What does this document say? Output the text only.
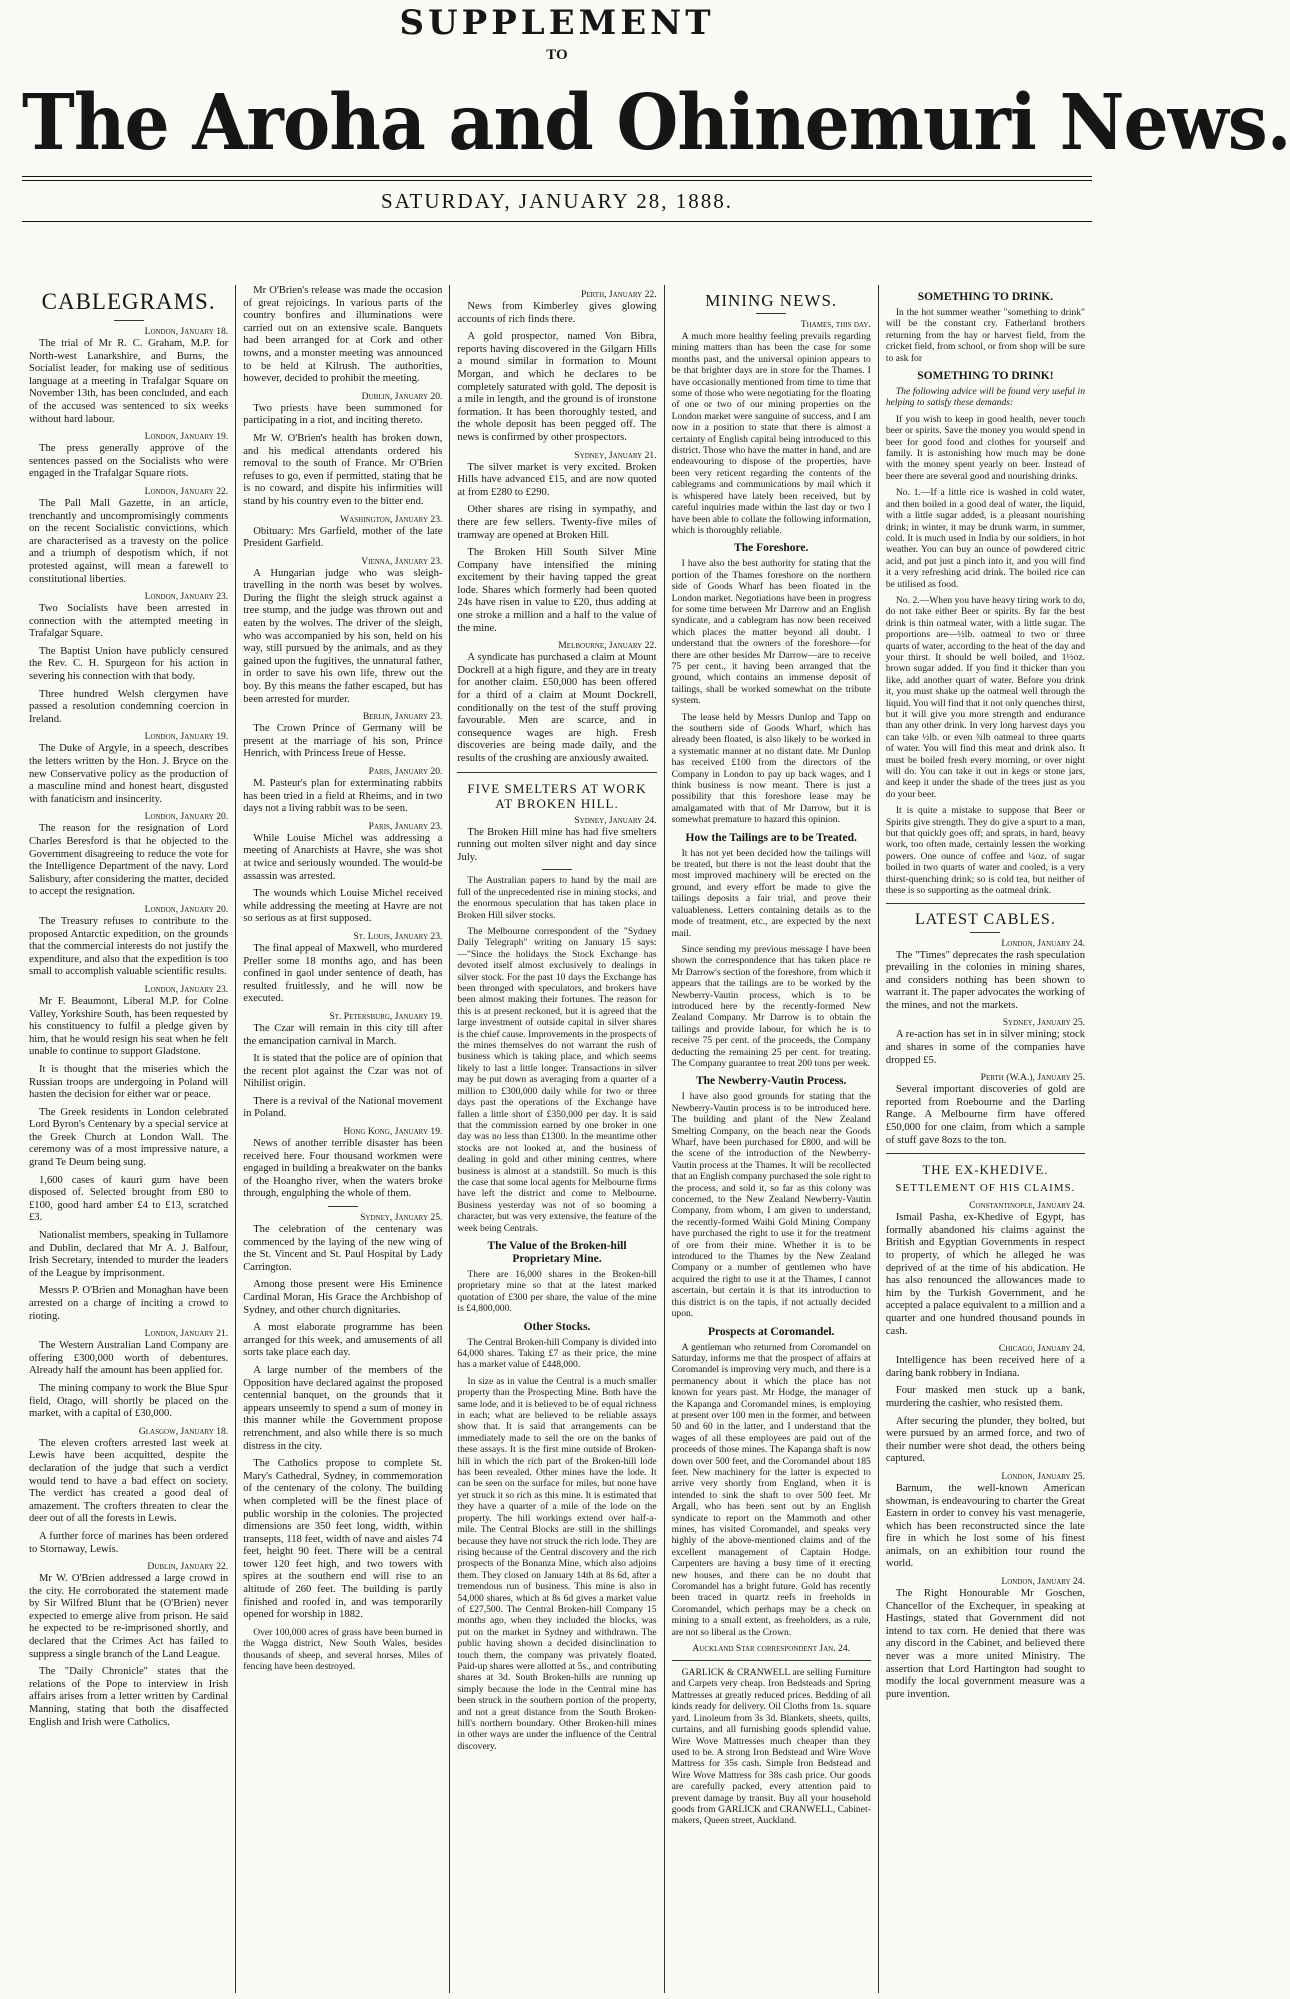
SUPPLEMENT
TO
The Aroha and Ohinemuri News.
SATURDAY, JANUARY 28, 1888.
CABLEGRAMS.
London, January 18.

The trial of Mr R. C. Graham, M.P. for North-west Lanarkshire, and Burns, the Socialist leader, for making use of seditious language at a meeting in Trafalgar Square on November 13th, has been concluded, and each of the accused was sentenced to six weeks without hard labour.

London, January 19.

The press generally approve of the sentences passed on the Socialists who were engaged in the Trafalgar Square riots.

London, January 22.

The Pall Mall Gazette, in an article, trenchantly and uncompromisingly comments on the recent Socialistic convictions, which are characterised as a travesty on the police and a triumph of despotism which, if not protested against, will mean a farewell to constitutional liberties.

London, January 23.

Two Socialists have been arrested in connection with the attempted meeting in Trafalgar Square.

The Baptist Union have publicly censured the Rev. C. H. Spurgeon for his action in severing his connection with that body.

Three hundred Welsh clergymen have passed a resolution condemning coercion in Ireland.

London, January 19.

The Duke of Argyle, in a speech, describes the letters written by the Hon. J. Bryce on the new Conservative policy as the production of a masculine mind and honest heart, disgusted with fanaticism and insincerity.

London, January 20.

The reason for the resignation of Lord Charles Beresford is that he objected to the Government disagreeing to reduce the vote for the Intelligence Department of the navy. Lord Salisbury, after considering the matter, decided to accept the resignation.

London, January 20.

The Treasury refuses to contribute to the proposed Antarctic expedition, on the grounds that the commercial interests do not justify the expenditure, and also that the expedition is too small to accomplish valuable scientific results.

London, January 23.

Mr F. Beaumont, Liberal M.P. for Colne Valley, Yorkshire South, has been requested by his constituency to fulfil a pledge given by him, that he would resign his seat when he felt unable to continue to support Gladstone.

It is thought that the miseries which the Russian troops are undergoing in Poland will hasten the decision for either war or peace.

The Greek residents in London celebrated Lord Byron's Centenary by a special service at the Greek Church at London Wall. The ceremony was of a most impressive nature, a grand Te Deum being sung.

1,600 cases of kauri gum have been disposed of. Selected brought from £80 to £100, good hard amber £4 to £13, scratched £3.

Nationalist members, speaking in Tullamore and Dublin, declared that Mr A. J. Balfour, Irish Secretary, intended to murder the leaders of the League by imprisonment.

Messrs P. O'Brien and Monaghan have been arrested on a charge of inciting a crowd to rioting.

London, January 21.

The Western Australian Land Company are offering £300,000 worth of debentures. Already half the amount has been applied for.

The mining company to work the Blue Spur field, Otago, will shortly be placed on the market, with a capital of £30,000.

Glasgow, January 18.

The eleven crofters arrested last week at Lewis have been acquitted, despite the declaration of the judge that such a verdict would tend to have a bad effect on society. The verdict has created a good deal of amazement. The crofters threaten to clear the deer out of all the forests in Lewis.

A further force of marines has been ordered to Stornaway, Lewis.

Dublin, January 22.

Mr W. O'Brien addressed a large crowd in the city. He corroborated the statement made by Sir Wilfred Blunt that he (O'Brien) never expected to emerge alive from prison. He said he expected to be re-imprisoned shortly, and declared that the Crimes Act has failed to suppress a single branch of the Land League.

The "Daily Chronicle" states that the relations of the Pope to interview in Irish affairs arises from a letter written by Cardinal Manning, stating that both the disaffected English and Irish were Catholics.

Mr O'Brien's release was made the occasion of great rejoicings. In various parts of the country bonfires and illuminations were carried out on an extensive scale. Banquets had been arranged for at Cork and other towns, and a monster meeting was announced to be held at Kilrush. The authorities, however, decided to prohibit the meeting.

Dublin, January 20.

Two priests have been summoned for participating in a riot, and inciting thereto.

Mr W. O'Brien's health has broken down, and his medical attendants ordered his removal to the south of France. Mr O'Brien refuses to go, even if permitted, stating that he is no coward, and dispite his infirmities will stand by his country even to the bitter end.

Washington, January 23.

Obituary: Mrs Garfield, mother of the late President Garfield.

Vienna, January 23.

A Hungarian judge who was sleigh-travelling in the north was beset by wolves. During the flight the sleigh struck against a tree stump, and the judge was thrown out and eaten by the wolves. The driver of the sleigh, who was accompanied by his son, held on his way, still pursued by the animals, and as they gained upon the fugitives, the unnatural father, in order to save his own life, threw out the boy. By this means the father escaped, but has been arrested for murder.

Berlin, January 23.

The Crown Prince of Germany will be present at the marriage of his son, Prince Henrich, with Princess Ireue of Hesse.

Paris, January 20.

M. Pasteur's plan for exterminating rabbits has been tried in a field at Rheims, and in two days not a living rabbit was to be seen.

Paris, January 23.

While Louise Michel was addressing a meeting of Anarchists at Havre, she was shot at twice and seriously wounded. The would-be assassin was arrested.

The wounds which Louise Michel received while addressing the meeting at Havre are not so serious as at first supposed.

St. Louis, January 23.

The final appeal of Maxwell, who murdered Preller some 18 months ago, and has been confined in gaol under sentence of death, has resulted fruitlessly, and he will now be executed.

St. Petersburg, January 19.

The Czar will remain in this city till after the emancipation carnival in March.

It is stated that the police are of opinion that the recent plot against the Czar was not of Nihilist origin.

There is a revival of the National movement in Poland.

Hong Kong, January 19.

News of another terrible disaster has been received here. Four thousand workmen were engaged in building a breakwater on the banks of the Hoangho river, when the waters broke through, engulphing the whole of them.

Sydney, January 25.

The celebration of the centenary was commenced by the laying of the new wing of the St. Vincent and St. Paul Hospital by Lady Carrington.

Among those present were His Eminence Cardinal Moran, His Grace the Archbishop of Sydney, and other church dignitaries.

A most elaborate programme has been arranged for this week, and amusements of all sorts take place each day.

A large number of the members of the Opposition have declared against the proposed centennial banquet, on the grounds that it appears unseemly to spend a sum of money in this manner while the Government propose retrenchment, and also while there is so much distress in the city.

The Catholics propose to complete St. Mary's Cathedral, Sydney, in commemoration of the centenary of the colony. The building when completed will be the finest place of public worship in the colonies. The projected dimensions are 350 feet long, width, within transepts, 118 feet, width of nave and aisles 74 feet, height 90 feet. There will be a central tower 120 feet high, and two towers with spires at the southern end will rise to an altitude of 260 feet. The building is partly finished and roofed in, and was temporarily opened for worship in 1882.

Over 100,000 acres of grass have been burned in the Wagga district, New South Wales, besides thousands of sheep, and several horses. Miles of fencing have been destroyed.

Perth, January 22.

News from Kimberley gives glowing accounts of rich finds there.

A gold prospector, named Von Bibra, reports having discovered in the Gilgarn Hills a mound similar in formation to Mount Morgan, and which he declares to be completely saturated with gold. The deposit is a mile in length, and the ground is of ironstone formation. It has been thoroughly tested, and the whole deposit has been pegged off. The news is confirmed by other prospectors.

Sydney, January 21.

The silver market is very excited. Broken Hills have advanced £15, and are now quoted at from £280 to £290.

Other shares are rising in sympathy, and there are few sellers. Twenty-five miles of tramway are opened at Broken Hill.

The Broken Hill South Silver Mine Company have intensified the mining excitement by their having tapped the great lode. Shares which formerly had been quoted 24s have risen in value to £20, thus adding at one stroke a million and a half to the value of the mine.

Melbourne, January 22.

A syndicate has purchased a claim at Mount Dockrell at a high figure, and they are in treaty for another claim. £50,000 has been offered for a third of a claim at Mount Dockrell, conditionally on the test of the stuff proving favourable. Men are scarce, and in consequence wages are high. Fresh discoveries are being made daily, and the results of the crushing are anxiously awaited.

FIVE SMELTERS AT WORK AT BROKEN HILL.
Sydney, January 24.

The Broken Hill mine has had five smelters running out molten silver night and day since July.

The Australian papers to hand by the mail are full of the unprecedented rise in mining stocks, and the enormous speculation that has taken place in Broken Hill silver stocks.

The Melbourne correspondent of the "Sydney Daily Telegraph" writing on January 15 says:—"Since the holidays the Stock Exchange has devoted itself almost exclusively to dealings in silver stock. For the past 10 days the Exchange has been thronged with speculators, and brokers have been almost making their fortunes. The reason for this is at present reckoned, but it is agreed that the large investment of outside capital in silver shares is the chief cause. Improvements in the prospects of the mines themselves do not warrant the rush of business which is taking place, and which seems likely to last a little longer. Transactions in silver may be put down as averaging from a quarter of a million to £300,000 daily while for two or three days past the operations of the Exchange have fallen a little short of £350,000 per day. It is said that the commission earned by one broker in one day was no less than £1300. In the meantime other stocks are not looked at, and the business of dealing in gold and other mining centres, where business is almost at a standstill. So much is this the case that some local agents for Melbourne firms have left the district and come to Melbourne. Business yesterday was not of so booming a character, but was very extensive, the feature of the week being Centrals.

The Value of the Broken-hill Proprietary Mine.

There are 16,000 shares in the Broken-hill proprietary mine so that at the latest marked quotation of £300 per share, the value of the mine is £4,800,000.

Other Stocks.

The Central Broken-hill Company is divided into 64,000 shares. Taking £7 as their price, the mine has a market value of £448,000.

In size as in value the Central is a much smaller property than the Prospecting Mine. Both have the same lode, and it is believed to be of equal richness in each; what are believed to be reliable assays show that. It is said that arrangements can be immediately made to sell the ore on the banks of these assays. It is the first mine outside of Broken-hill in which the rich part of the Broken-hill lode has been revealed. Other mines have the lode. It can be seen on the surface for miles, but none have yet struck it so rich as this mine. It is estimated that they have a quarter of a mile of the lode on the property. The hill workings extend over half-a-mile. The Central Blocks are still in the shillings because they have not struck the rich lode. They are rising because of the Central discovery and the rich prospects of the Bonanza Mine, which also adjoins them. They closed on January 14th at 8s 6d, after a tremendous run of business. This mine is also in 54,000 shares, which at 8s 6d gives a market value of £27,500. The Central Broken-hill Company 15 months ago, when they included the blocks, was put on the market in Sydney and withdrawn. The public having shown a decided disinclination to touch them, the company was privately floated. Paid-up shares were allotted at 5s., and contributing shares at 3d. South Broken-hills are running up simply because the lode in the Central mine has been struck in the southern portion of the property, and not a great distance from the South Broken-hill's northern boundary. Other Broken-hill mines in other ways are under the influence of the Central discovery.

MINING NEWS.
Thames, this day.

A much more healthy feeling prevails regarding mining matters than has been the case for some months past, and the universal opinion appears to be that brighter days are in store for the Thames. I have occasionally mentioned from time to time that some of those who were negotiating for the floating of one or two of our mining properties on the London market were sanguine of success, and I am now in a position to state that there is almost a certainty of English capital being introduced to this district. Those who have the matter in hand, and are endeavouring to dispose of the properties, have been very reticent regarding the contents of the cablegrams and communications by mail which it is whispered have lately been received, but by careful inquiries made within the last day or two I have been able to collate the following information, which is thoroughly reliable.

The Foreshore.

I have also the best authority for stating that the portion of the Thames foreshore on the northern side of Goods Wharf has been floated in the London market. Negotiations have been in progress for some time between Mr Darrow and an English syndicate, and a cablegram has now been received which places the matter beyond all doubt. I understand that the owners of the foreshore—for there are other besides Mr Darrow—are to receive 75 per cent., it having been arranged that the ground, which contains an immense deposit of tailings, shall be worked somewhat on the tribute system.

The lease held by Messrs Dunlop and Tapp on the southern side of Goods Wharf, which has already been floated, is also likely to be worked in a systematic manner at no distant date. Mr Dunlop has received £100 from the directors of the Company in London to pay up back wages, and I think business is now meant. There is just a possibility that this foreshore lease may be amalgamated with that of Mr Darrow, but it is somewhat premature to hazard this opinion.

How the Tailings are to be Treated.

It has not yet been decided how the tailings will be treated, but there is not the least doubt that the most improved machinery will be erected on the ground, and every effort be made to give the tailings deposits a fair trial, and prove their valuableness. Letters containing details as to the mode of treatment, etc., are expected by the next mail.

Since sending my previous message I have been shown the correspondence that has taken place re Mr Darrow's section of the foreshore, from which it appears that the tailings are to be worked by the Newberry-Vautin process, which is to be introduced here by the recently-formed New Zealand Company. Mr Darrow is to obtain the tailings and provide labour, for which he is to receive 75 per cent. of the proceeds, the Company deducting the remaining 25 per cent. for treating. The Company guarantee to treat 200 tons per week.

The Newberry-Vautin Process.

I have also good grounds for stating that the Newberry-Vautin process is to be introduced here. The building and plant of the New Zealand Smelting Company, on the beach near the Goods Wharf, have been purchased for £800, and will be the scene of the introduction of the Newberry-Vautin process at the Thames. It will be recollected that an English company purchased the sole right to the process, and sold it, so far as this colony was concerned, to the New Zealand Newberry-Vautin Company, from whom, I am given to understand, the recently-formed Waihi Gold Mining Company have purchased the right to use it for the treatment of ore from their mine. Whether it is to be introduced to the Thames by the New Zealand Company or a number of gentlemen who have acquired the right to use it at the Thames, I cannot ascertain, but certain it is that its introduction to this district is on the tapis, if not actually decided upon.

Prospects at Coromandel.

A gentleman who returned from Coromandel on Saturday, informs me that the prospect of affairs at Coromandel is improving very much, and there is a permanency about it which the place has not known for years past. Mr Hodge, the manager of the Kapanga and Coromandel mines, is employing at present over 100 men in the former, and between 50 and 60 in the latter, and I understand that the wages of all these employees are paid out of the proceeds of those mines. The Kapanga shaft is now down over 500 feet, and the Coromandel about 185 feet. New machinery for the latter is expected to arrive very shortly from England, when it is intended to sink the shaft to over 500 feet. Mr Argall, who has been sent out by an English syndicate to report on the Mammoth and other mines, has visited Coromandel, and speaks very highly of the above-mentioned claims and of the excellent management of Captain Hodge. Carpenters are having a busy time of it erecting new houses, and there can be no doubt that Coromandel has a bright future. Gold has recently been traced in quartz reefs in freeholds in Coromandel, which perhaps may be a check on mining to a small extent, as freeholders, as a rule, are not so liberal as the Crown.

Auckland Star correspondent Jan. 24.

GARLICK & CRANWELL are selling Furniture and Carpets very cheap. Iron Bedsteads and Spring Mattresses at greatly reduced prices. Bedding of all kinds ready for delivery. Oil Cloths from 1s. square yard. Linoleum from 3s 3d. Blankets, sheets, quilts, curtains, and all furnishing goods splendid value. Wire Wove Mattresses much cheaper than they used to be. A strong Iron Bedstead and Wire Wove Mattress for 35s cash. Simple Iron Bedstead and Wire Wove Mattress for 38s cash price. Our goods are carefully packed, every attention paid to prevent damage by transit. Buy all your household goods from GARLICK and CRANWELL, Cabinet-makers, Queen street, Auckland.

SOMETHING TO DRINK.

In the hot summer weather "something to drink" will be the constant cry. Fatherland brothers returning from the hay or harvest field, from the cricket field, from school, or from shop will be sure to ask for

SOMETHING TO DRINK!

The following advice will be found very useful in helping to satisfy these demands:

If you wish to keep in good health, never touch beer or spirits. Save the money you would spend in beer for good food and clothes for yourself and family. It is astonishing how much may be done with the money spent yearly on beer. Instead of beer there are several good and nourishing drinks.

No. 1.—If a little rice is washed in cold water, and then boiled in a good deal of water, the liquid, with a little sugar added, is a pleasant nourishing drink; in winter, it may be drunk warm, in summer, cold. It is much used in India by our soldiers, in hot weather. You can buy an ounce of powdered citric acid, and put just a pinch into it, and you will find it a very refreshing acid drink. The boiled rice can be utilised as food.

No. 2.—When you have heavy tiring work to do, do not take either Beer or spirits. By far the best drink is thin oatmeal water, with a little sugar. The proportions are—½lb. oatmeal to two or three quarts of water, according to the heat of the day and your thirst. It should be well boiled, and 1½oz. brown sugar added. If you find it thicker than you like, add another quart of water. Before you drink it, you must shake up the oatmeal well through the liquid. You will find that it not only quenches thirst, but it will give you more strength and endurance than any other drink. In very long harvest days you can take ½lb. or even ¾lb oatmeal to three quarts of water. You will find this meat and drink also. It must be boiled fresh every morning, or over night will do. You can take it out in kegs or stone jars, and keep it under the shade of the trees just as you do your beer.

It is quite a mistake to suppose that Beer or Spirits give strength. They do give a spurt to a man, but that quickly goes off; and sprats, in hard, heavy work, too often made, certainly lessen the working powers. One ounce of coffee and ¼oz. of sugar boiled in two quarts of water and cooled, is a very thirst-quenching drink; so is cold tea, but neither of these is so supporting as the oatmeal drink.

LATEST CABLES.
London, January 24.

The "Times" deprecates the rash speculation prevailing in the colonies in mining shares, and considers nothing has been shown to warrant it. The paper advocates the working of the mines, and not the markets.

Sydney, January 25.

A re-action has set in in silver mining; stock and shares in some of the companies have dropped £5.

Perth (W.A.), January 25.

Several important discoveries of gold are reported from Roebourne and the Darling Range. A Melbourne firm have offered £50,000 for one claim, from which a sample of stuff gave 8ozs to the ton.

THE EX-KHEDIVE.
SETTLEMENT OF HIS CLAIMS.
Constantinople, January 24.

Ismail Pasha, ex-Khedive of Egypt, has formally abandoned his claims against the British and Egyptian Governments in respect to property, of which he alleged he was deprived of at the time of his abdication. He has also renounced the allowances made to him by the Turkish Government, and he accepted a palace equivalent to a million and a quarter and one hundred thousand pounds in cash.

Chicago, January 24.

Intelligence has been received here of a daring bank robbery in Indiana.

Four masked men stuck up a bank, murdering the cashier, who resisted them.

After securing the plunder, they bolted, but were pursued by an armed force, and two of their number were shot dead, the others being captured.

London, January 25.

Barnum, the well-known American showman, is endeavouring to charter the Great Eastern in order to convey his vast menagerie, which has been reconstructed since the late fire in which he lost some of his finest animals, on an exhibition tour round the world.

London, January 24.

The Right Honourable Mr Goschen, Chancellor of the Exchequer, in speaking at Hastings, stated that Government did not intend to tax corn. He denied that there was any discord in the Cabinet, and believed there never was a more united Ministry. The assertion that Lord Hartington had sought to modify the local government measure was a pure invention.
